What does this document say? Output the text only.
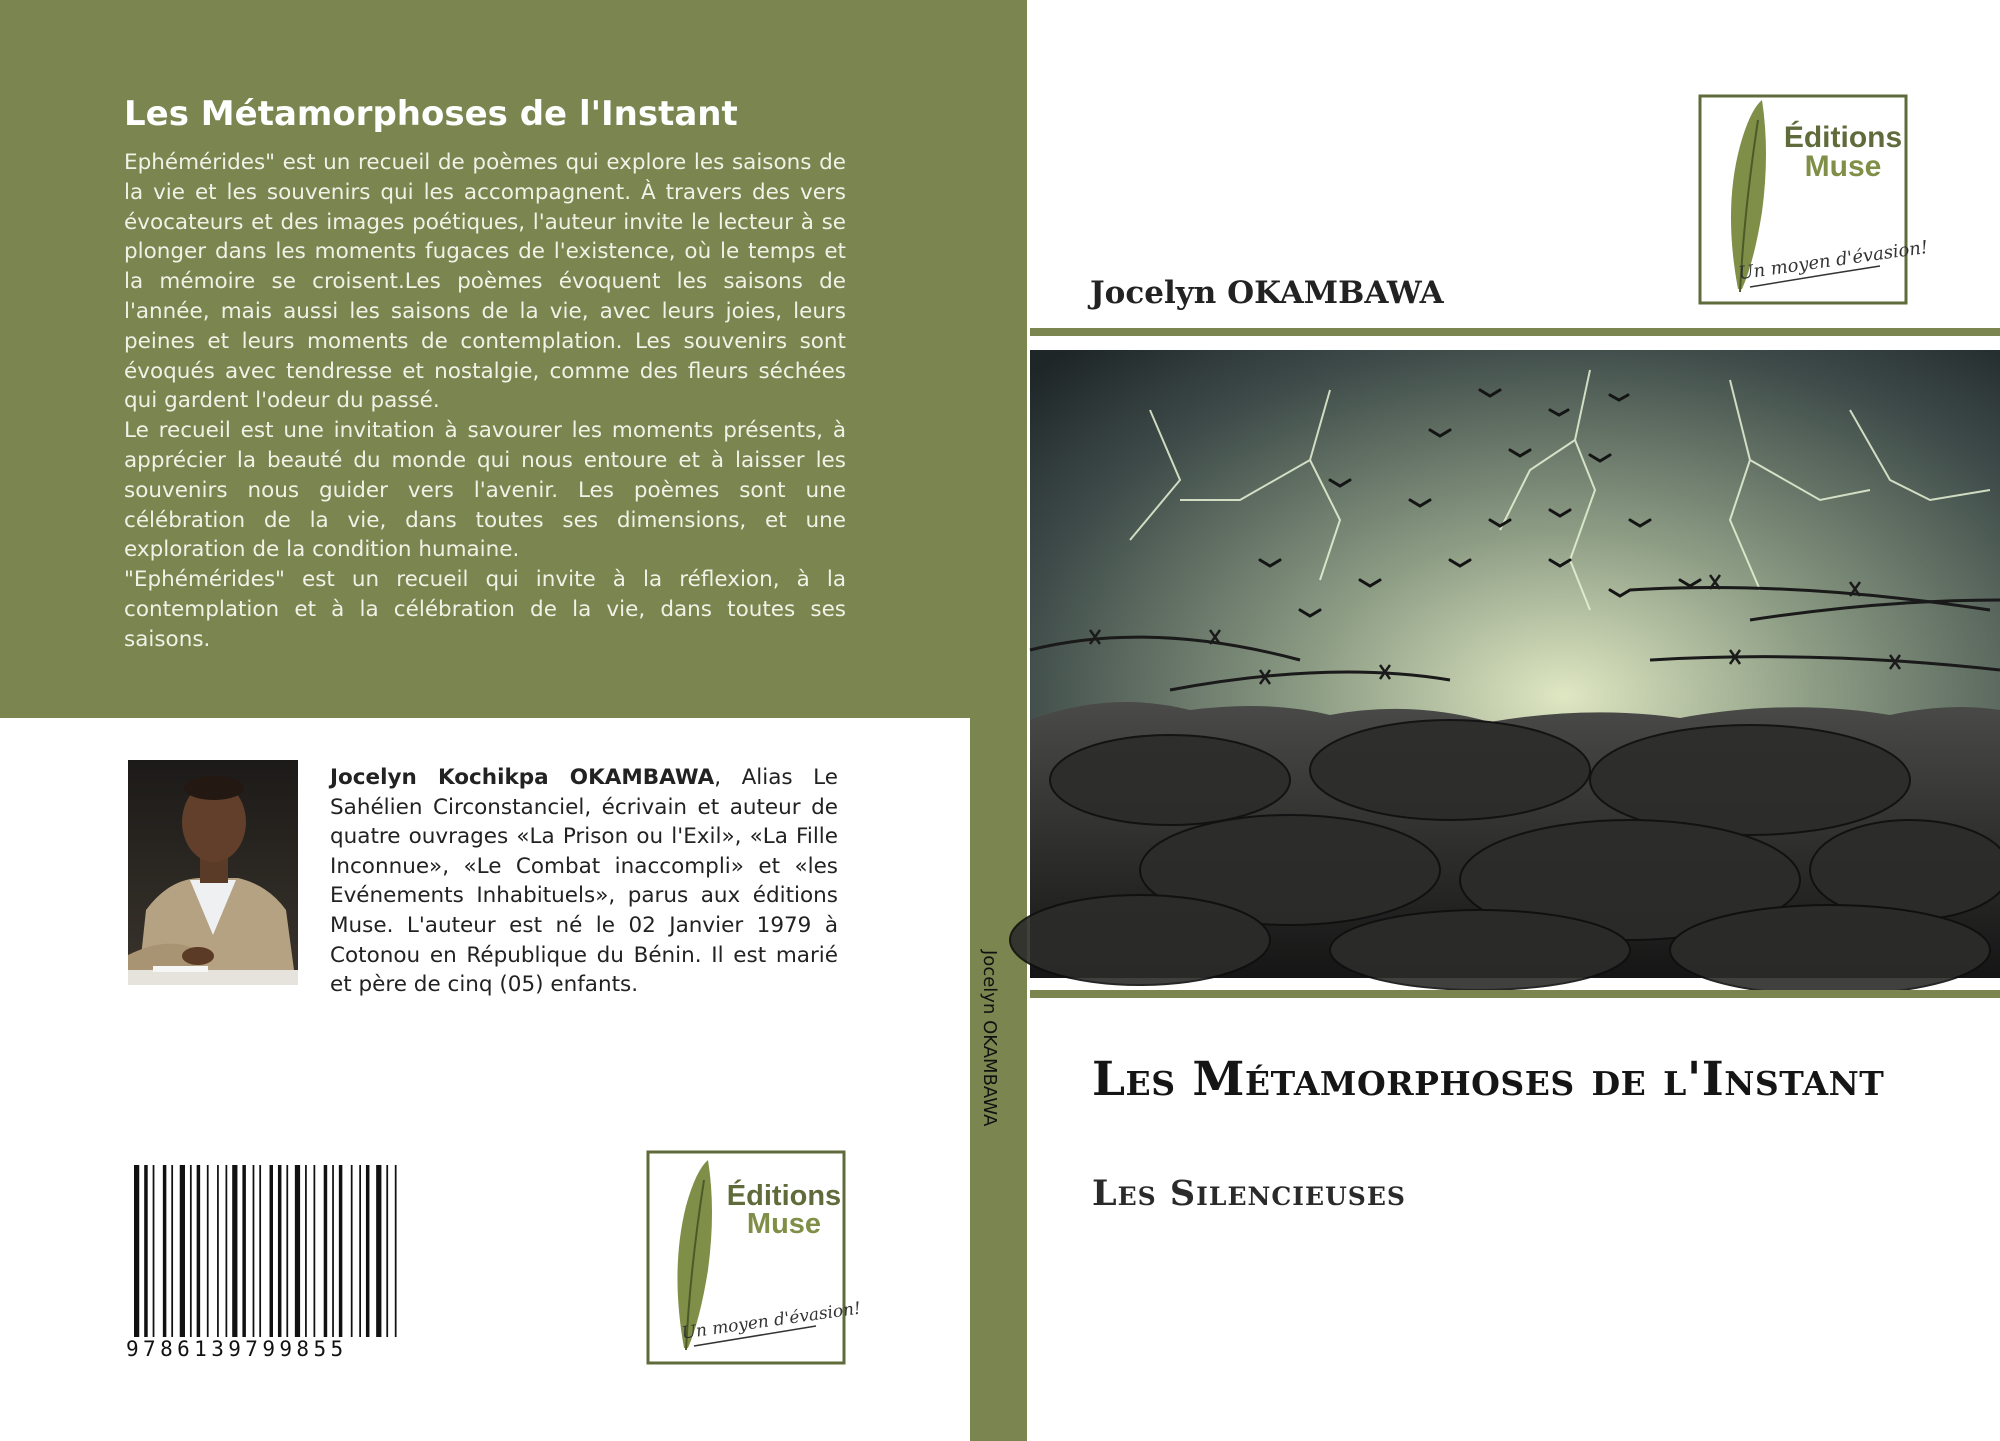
Les Métamorphoses de l'Instant

Ephémérides" est un recueil de poèmes qui explore les saisons de la vie et les souvenirs qui les accompagnent. À travers des vers évocateurs et des images poétiques, l'auteur invite le lecteur à se plonger dans les moments fugaces de l'existence, où le temps et la mémoire se croisent.Les poèmes évoquent les saisons de l'année, mais aussi les saisons de la vie, avec leurs joies, leurs peines et leurs moments de contemplation. Les souvenirs sont évoqués avec tendresse et nostalgie, comme des fleurs séchées qui gardent l'odeur du passé.

Le recueil est une invitation à savourer les moments présents, à apprécier la beauté du monde qui nous entoure et à laisser les souvenirs nous guider vers l'avenir. Les poèmes sont une célébration de la vie, dans toutes ses dimensions, et une exploration de la condition humaine.

"Ephémérides" est un recueil qui invite à la réflexion, à la contemplation et à la célébration de la vie, dans toutes ses saisons.

Jocelyn Kochikpa OKAMBAWA, Alias Le Sahélien Circonstanciel, écrivain et auteur de quatre ouvrages «La Prison ou l'Exil», «La Fille Inconnue», «Le Combat inaccompli» et «les Evénements Inhabituels», parus aux éditions Muse. L'auteur est né le 02 Janvier 1979 à Cotonou en République du Bénin. Il est marié et père de cinq (05) enfants.

9786139799855
Éditions
Muse
Un moyen d'évasion!
Jocelyn OKAMBAWA
Éditions
Muse
Un moyen d'évasion!
Jocelyn OKAMBAWA
Les Métamorphoses de l'Instant
Les Silencieuses
